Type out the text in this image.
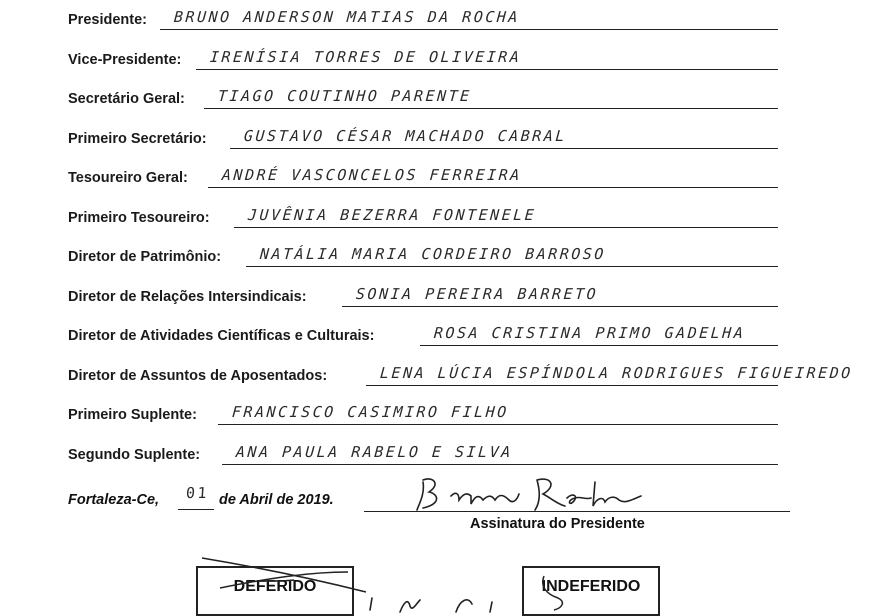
Presidente: BRUNO ANDERSON MATIAS DA ROCHA
Vice-Presidente: IRENÍSIA TORRES DE OLIVEIRA
Secretário Geral: TIAGO COUTINHO PARENTE
Primeiro Secretário: GUSTAVO CÉSAR MACHADO CABRAL
Tesoureiro Geral: ANDRÉ VASCONCELOS FERREIRA
Primeiro Tesoureiro:	JUVÊNIA BEZERRA FONTENELE
Diretor de Patrimônio:	NATÁLIA MARIA CORDEIRO BARROSO
Diretor de Relações Intersindicais:	SONIA PEREIRA BARRETO
Diretor de Atividades Científicas e Culturais:	ROSA CRISTINA PRIMO GADELHA
Diretor de Assuntos de Aposentados:	LENA LÚCIA ESPÍNDOLA RODRIGUES FIGUEIREDO
Primeiro Suplente: FRANCISCO CASIMIRO FILHO
Segundo Suplente: ANA PAULA RABELO E SILVA
Fortaleza-Ce, 01 de Abril de 2019.
Assinatura do Presidente
DEFERIDO	INDEFERIDO
